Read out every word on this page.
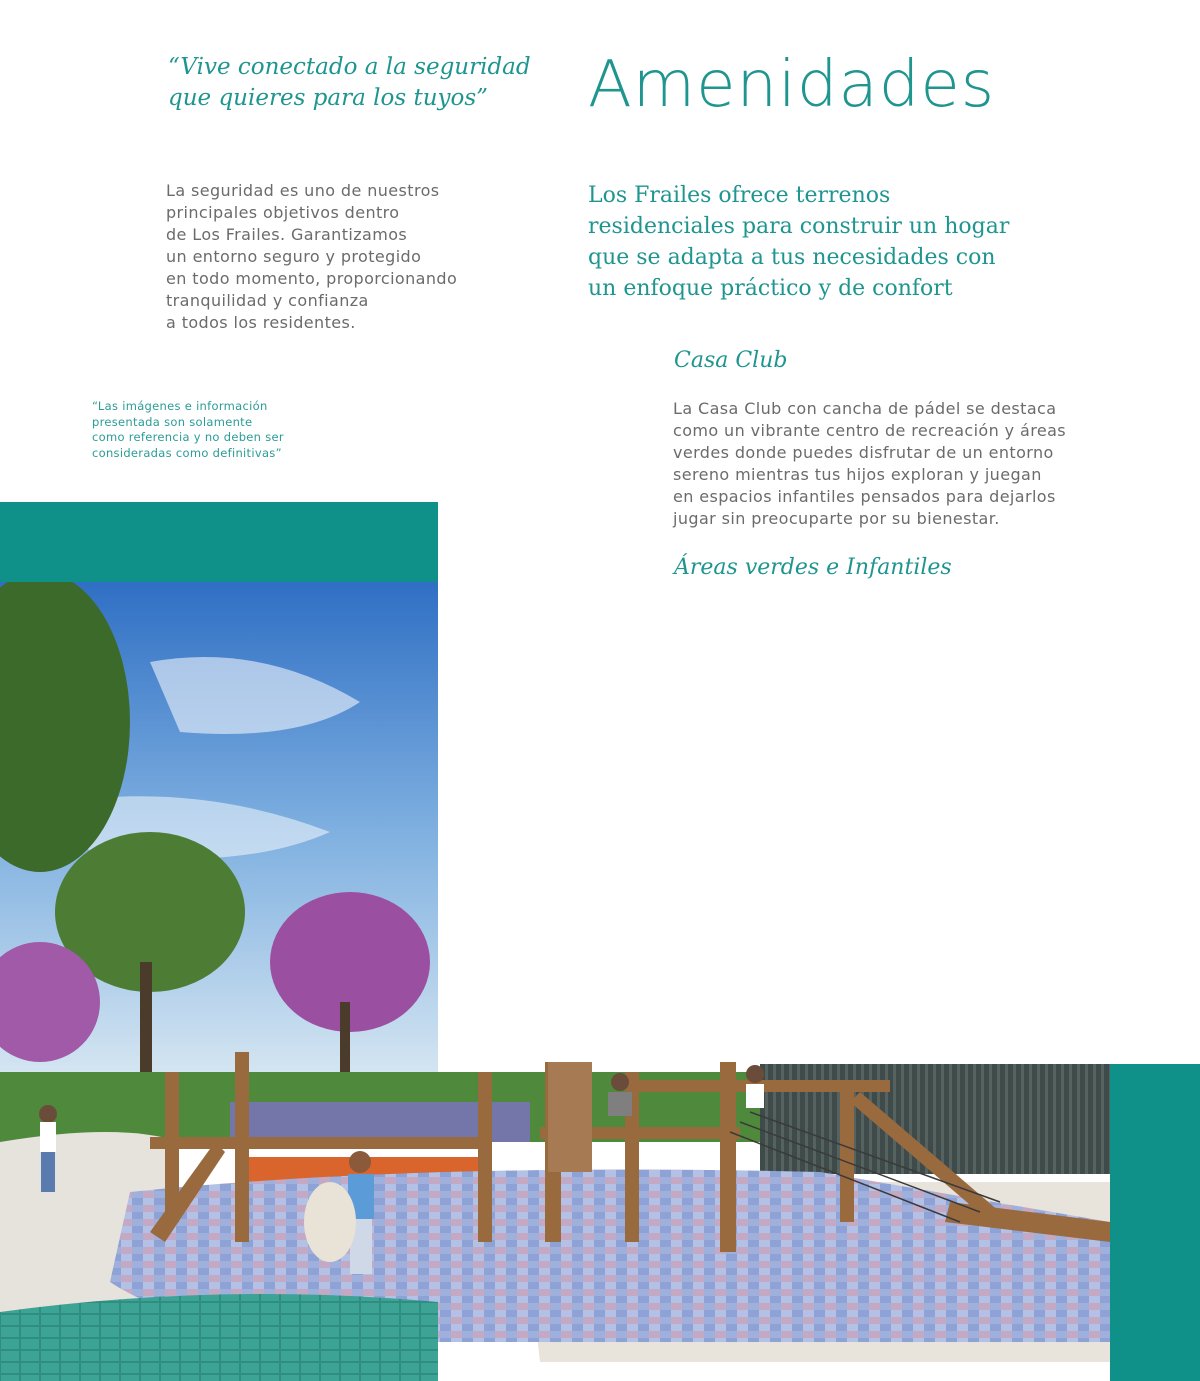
“Vive conectado a la seguridad
que quieres para los tuyos”
La seguridad es uno de nuestros
principales objetivos dentro
de Los Frailes. Garantizamos
un entorno seguro y protegido
en todo momento, proporcionando
tranquilidad y confianza
a todos los residentes.
“Las imágenes e información
presentada son solamente
como referencia y no deben ser
consideradas como definitivas”
Amenidades
Los Frailes ofrece terrenos
residenciales para construir un hogar
que se adapta a tus necesidades con
un enfoque práctico y de confort
Casa Club
La Casa Club con cancha de pádel se destaca
como un vibrante centro de recreación y áreas
verdes donde puedes disfrutar de un entorno
sereno mientras tus hijos exploran y juegan
en espacios infantiles pensados para dejarlos
jugar sin preocuparte por su bienestar.
Áreas verdes e Infantiles
